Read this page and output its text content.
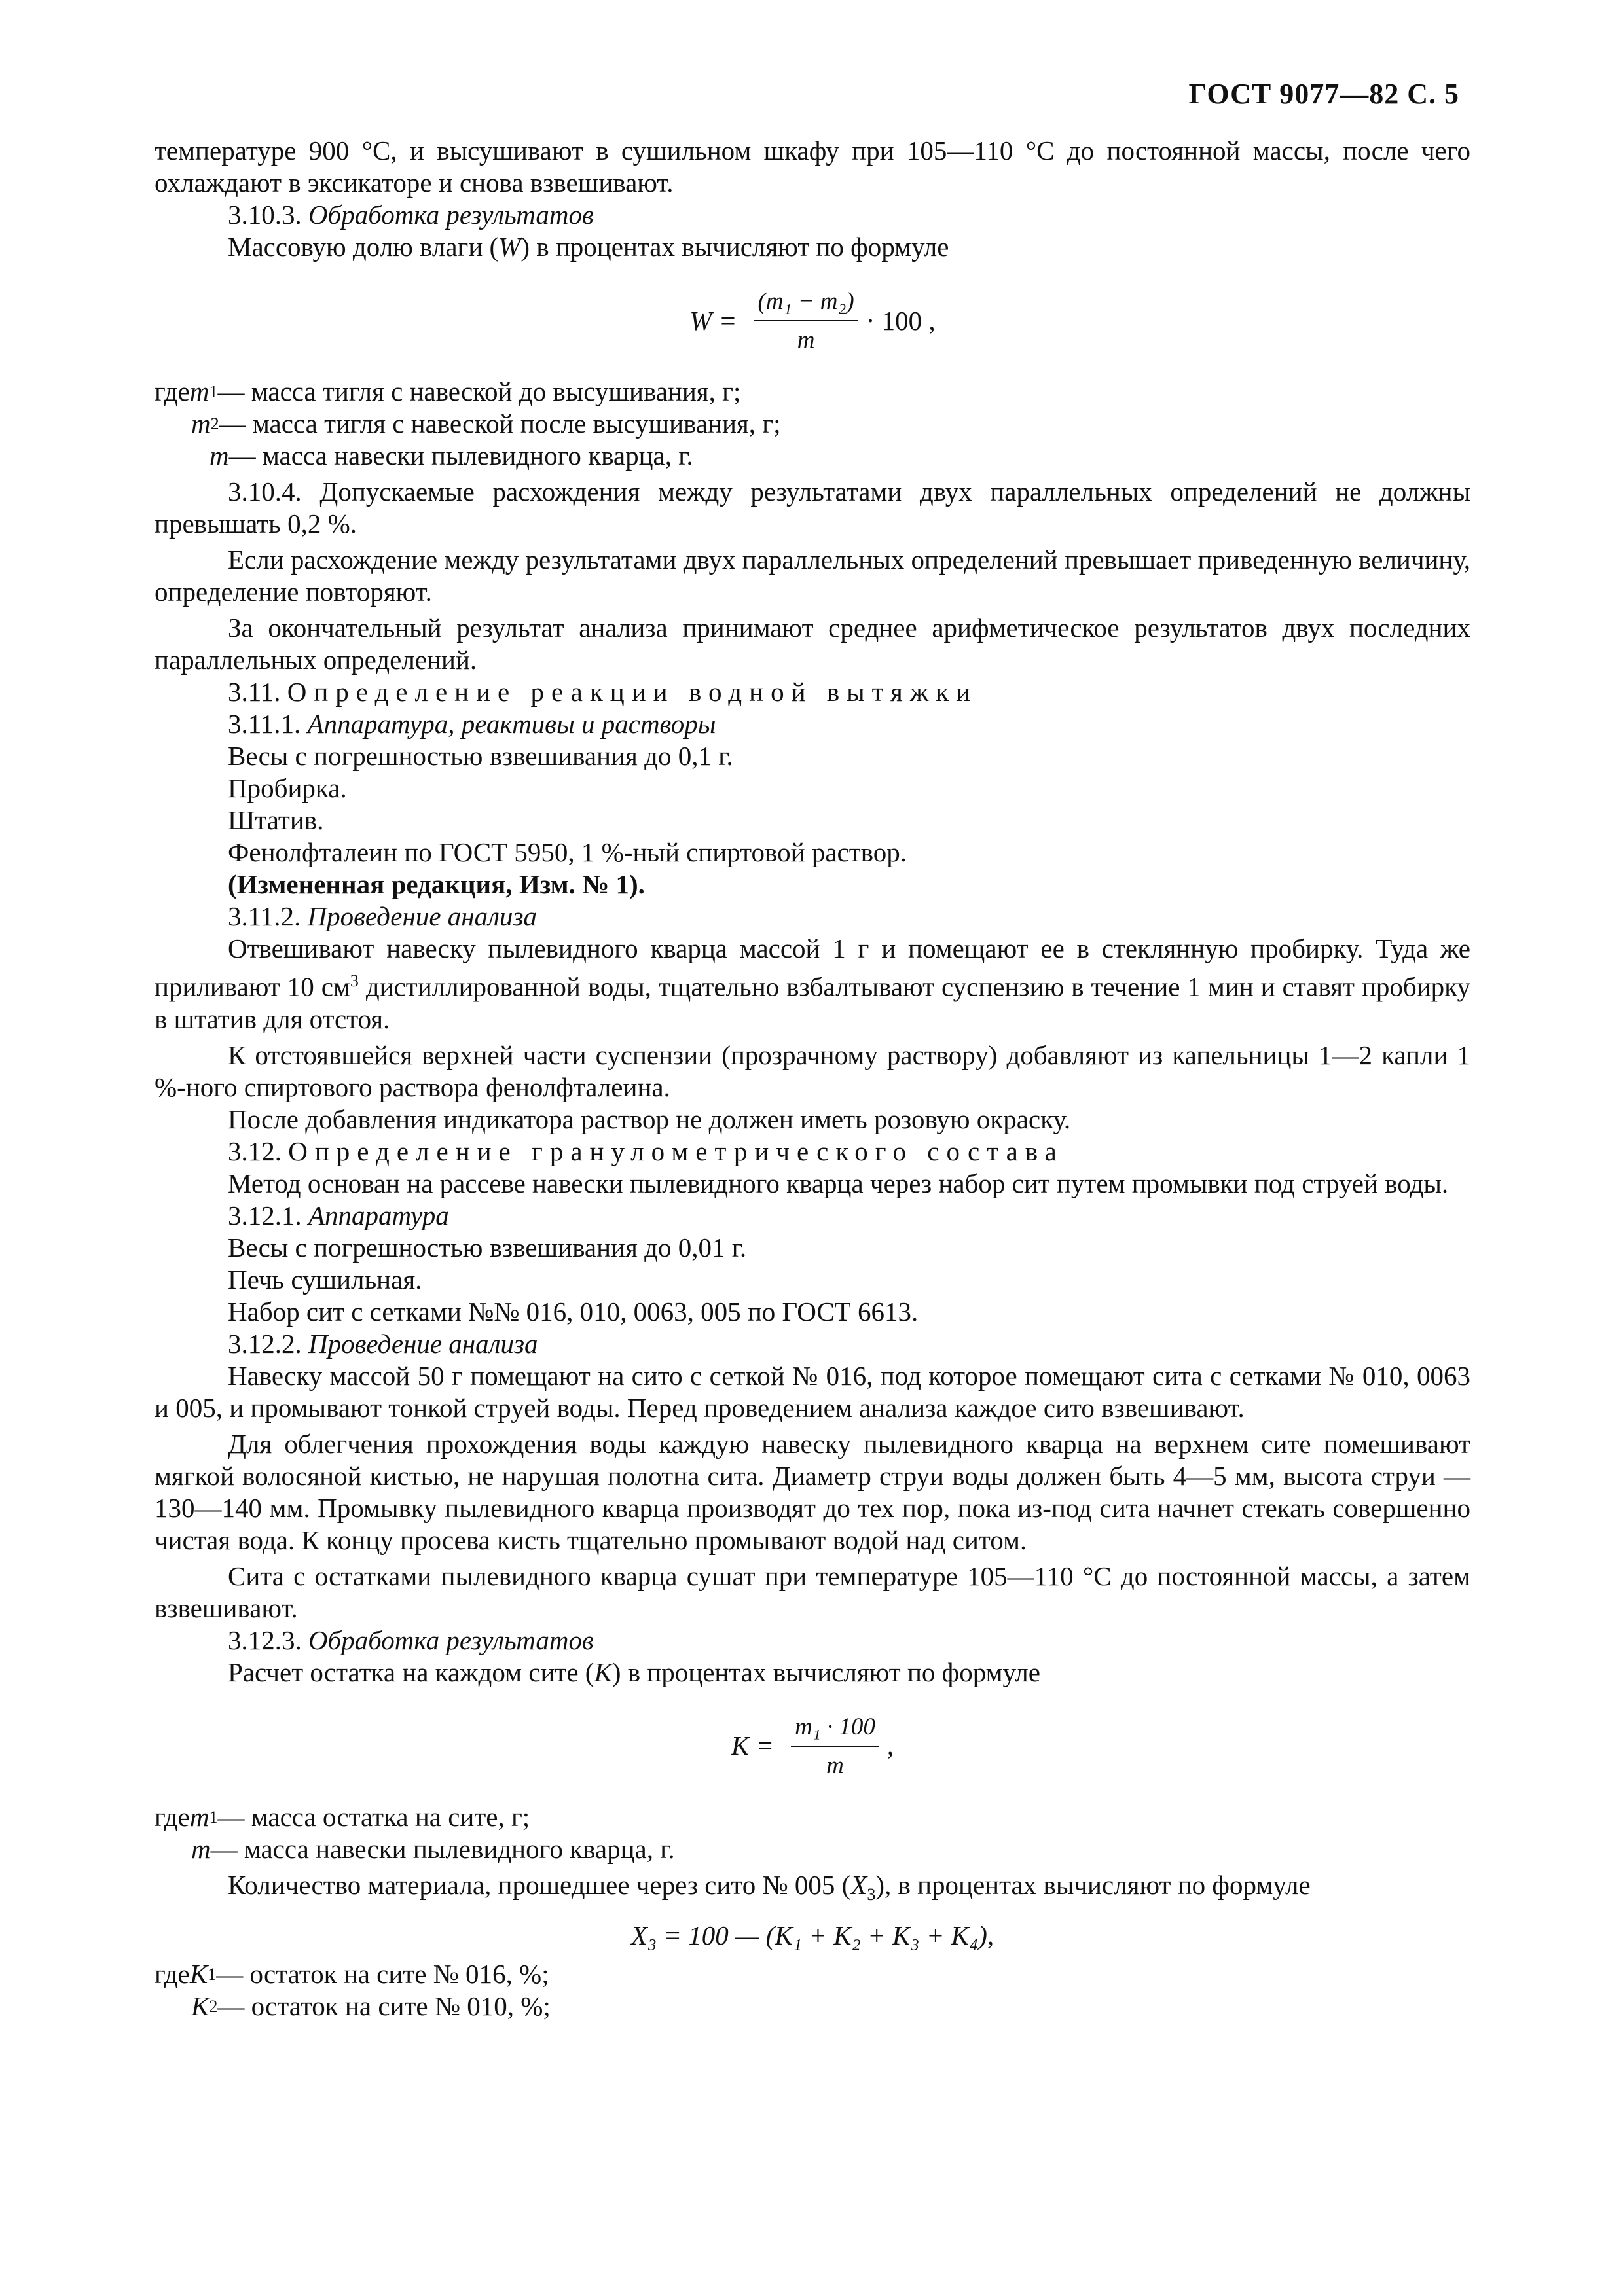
ГОСТ 9077—82 С. 5

температуре 900 °С, и высушивают в сушильном шкафу при 105—110 °С до постоянной массы, после чего охлаждают в эксикаторе и снова взвешивают.

3.10.3. Обработка результатов

Массовую долю влаги (W) в процентах вычисляют по формуле

$W = \frac{\text{(m₁ − m₂)}}{m} \cdot 100$ ,
где m 1 — масса тигля с навеской до высушивания, г;
m 2 — масса тигля с навеской после высушивания, г;
m — масса навески пылевидного кварца, г.

3.10.4. Допускаемые расхождения между результатами двух параллельных определений не должны превышать 0,2 %.

Если расхождение между результатами двух параллельных определений превышает приведенную величину, определение повторяют.

За окончательный результат анализа принимают среднее арифметическое результатов двух последних параллельных определений.

3.11. Определение реакции водной вытяжки

3.11.1. Аппаратура, реактивы и растворы

Весы с погрешностью взвешивания до 0,1 г.

Пробирка.

Штатив.

Фенолфталеин по ГОСТ 5950, 1 %-ный спиртовой раствор.

(Измененная редакция, Изм. № 1).

3.11.2. Проведение анализа

Отвешивают навеску пылевидного кварца массой 1 г и помещают ее в стеклянную пробирку. Туда же приливают 10 $см^3$ дистиллированной воды, тщательно взбалтывают суспензию в течение 1 мин и ставят пробирку в штатив для отстоя.

К отстоявшейся верхней части суспензии (прозрачному раствору) добавляют из капельницы 1—2 капли 1 %-ного спиртового раствора фенолфталеина.

После добавления индикатора раствор не должен иметь розовую окраску.

3.12. Определение гранулометрического состава

Метод основан на рассеве навески пылевидного кварца через набор сит путем промывки под струей воды.

3.12.1. Аппаратура

Весы с погрешностью взвешивания до 0,01 г.

Печь сушильная.

Набор сит с сетками №№ 016, 010, 0063, 005 по ГОСТ 6613.

3.12.2. Проведение анализа

Навеску массой 50 г помещают на сито с сеткой № 016, под которое помещают сита с сетками № 010, 0063 и 005, и промывают тонкой струей воды. Перед проведением анализа каждое сито взвешивают.

Для облегчения прохождения воды каждую навеску пылевидного кварца на верхнем сите помешивают мягкой волосяной кистью, не нарушая полотна сита. Диаметр струи воды должен быть 4—5 мм, высота струи — 130—140 мм. Промывку пылевидного кварца производят до тех пор, пока из-под сита начнет стекать совершенно чистая вода. К концу просева кисть тщательно промывают водой над ситом.

Сита с остатками пылевидного кварца сушат при температуре 105—110 °С до постоянной массы, а затем взвешивают.

3.12.3. Обработка результатов

Расчет остатка на каждом сите (K) в процентах вычисляют по формуле

$K = \frac{\text{m₁ · 100}}{m}$ ,
где m 1 — масса остатка на сите, г;
m — масса навески пылевидного кварца, г.

Количество материала, прошедшее через сито № 005 $(X_3)$, в процентах вычисляют по формуле

X₃ = 100 — (K₁ + K₂ + K₃ + K₄),
где K 1 — остаток на сите № 016, %;
K 2 — остаток на сите № 010, %;
